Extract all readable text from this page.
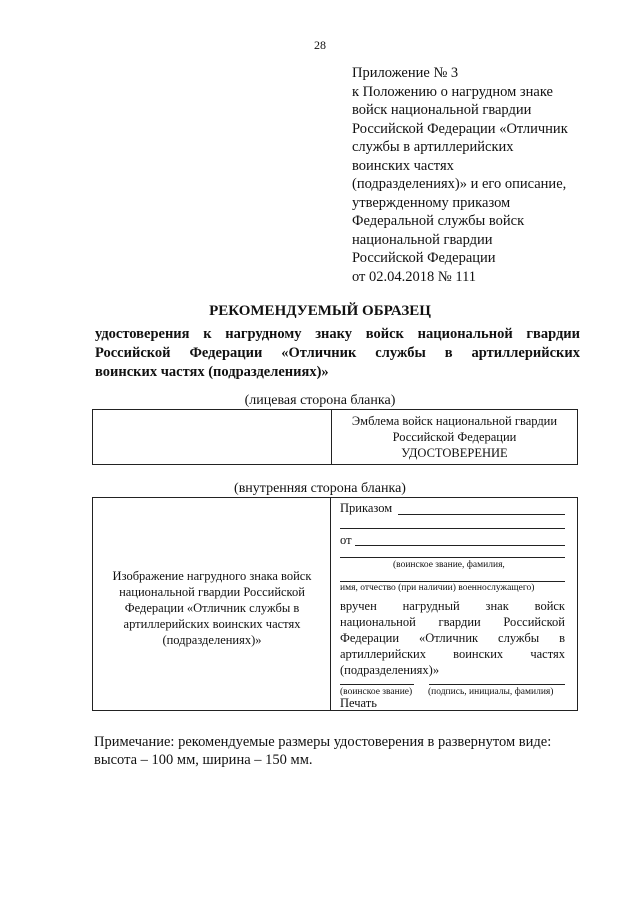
28
Приложение № 3
к Положению о нагрудном знаке
войск национальной гвардии
Российской Федерации «Отличник
службы в артиллерийских
воинских частях
(подразделениях)» и его описание,
утвержденному приказом
Федеральной службы войск
национальной гвардии
Российской Федерации
от 02.04.2018 № 111
РЕКОМЕНДУЕМЫЙ ОБРАЗЕЦ
удостоверения к нагрудному знаку войск национальной гвардии
Российской Федерации «Отличник службы в артиллерийских
воинских частях (подразделениях)»
(лицевая сторона бланка)
Эмблема войск национальной гвардии
Российской Федерации
УДОСТОВЕРЕНИЕ
(внутренняя сторона бланка)
Изображение нагрудного знака войск
национальной гвардии Российской
Федерации «Отличник службы в
артиллерийских воинских частях
(подразделениях)»
Приказом
от
(воинское звание, фамилия,
имя, отчество (при наличии) военнослужащего)
вручен нагрудный знак войск
национальной гвардии Российской
Федерации «Отличник службы в
артиллерийских воинских частях
(подразделениях)»
(воинское звание) (подпись, инициалы, фамилия)
Печать
Примечание: рекомендуемые размеры удостоверения в развернутом виде:
высота – 100 мм, ширина – 150 мм.
